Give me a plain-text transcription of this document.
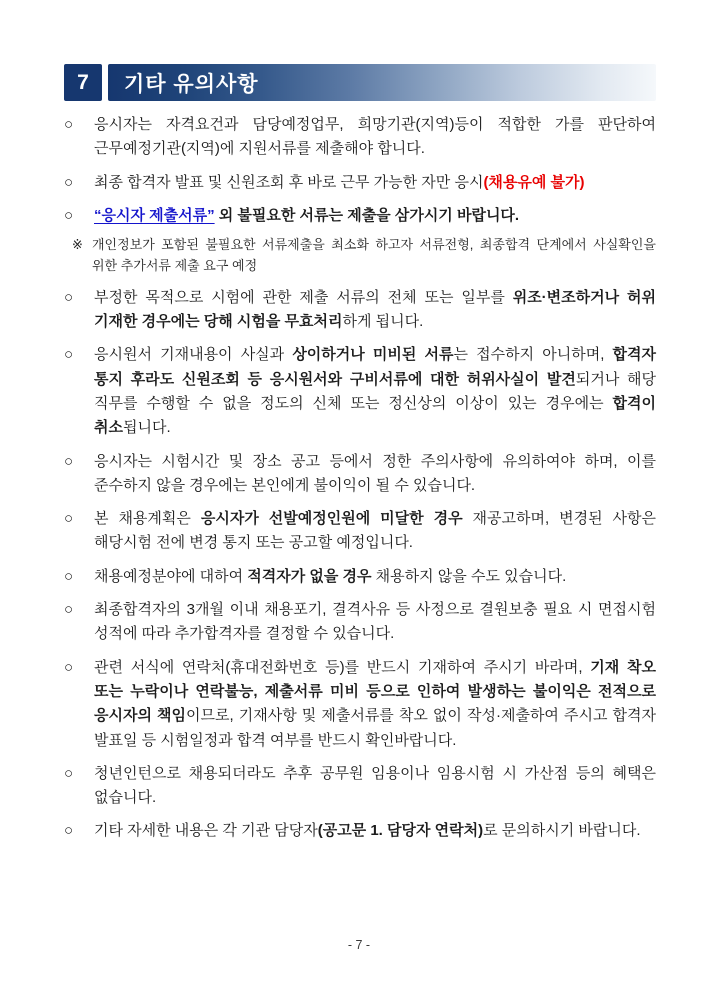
7 기타 유의사항
○	응시자는 자격요건과 담당예정업무, 희망기관(지역)등이 적합한 가를 판단하여 근무예정기관(지역)에 지원서류를 제출해야 합니다.
○	최종 합격자 발표 및 신원조회 후 바로 근무 가능한 자만 응시(채용유예 불가)
○	“응시자 제출서류” 외 불필요한 서류는 제출을 삼가시기 바랍니다.
※ 개인정보가 포함된 불필요한 서류제출을 최소화 하고자 서류전형, 최종합격 단계에서 사실확인을 위한 추가서류 제출 요구 예정
○	부정한 목적으로 시험에 관한 제출 서류의 전체 또는 일부를 위조·변조하거나 허위 기재한 경우에는 당해 시험을 무효처리하게 됩니다.
○	응시원서 기재내용이 사실과 상이하거나 미비된 서류는 접수하지 아니하며, 합격자 통지 후라도 신원조회 등 응시원서와 구비서류에 대한 허위사실이 발견되거나 해당 직무를 수행할 수 없을 정도의 신체 또는 정신상의 이상이 있는 경우에는 합격이 취소됩니다.
○	응시자는 시험시간 및 장소 공고 등에서 정한 주의사항에 유의하여야 하며, 이를 준수하지 않을 경우에는 본인에게 불이익이 될 수 있습니다.
○	본 채용계획은 응시자가 선발예정인원에 미달한 경우 재공고하며, 변경된 사항은 해당시험 전에 변경 통지 또는 공고할 예정입니다.
○	채용예정분야에 대하여 적격자가 없을 경우 채용하지 않을 수도 있습니다.
○	최종합격자의 3개월 이내 채용포기, 결격사유 등 사정으로 결원보충 필요 시 면접시험 성적에 따라 추가합격자를 결정할 수 있습니다.
○	관련 서식에 연락처(휴대전화번호 등)를 반드시 기재하여 주시기 바라며, 기재 착오 또는 누락이나 연락불능, 제출서류 미비 등으로 인하여 발생하는 불이익은 전적으로 응시자의 책임이므로, 기재사항 및 제출서류를 착오 없이 작성·제출하여 주시고 합격자 발표일 등 시험일정과 합격 여부를 반드시 확인바랍니다.
○	청년인턴으로 채용되더라도 추후 공무원 임용이나 임용시험 시 가산점 등의 혜택은 없습니다.
○	기타 자세한 내용은 각 기관 담당자(공고문 1. 담당자 연락처)로 문의하시기 바랍니다.
- 7 -
